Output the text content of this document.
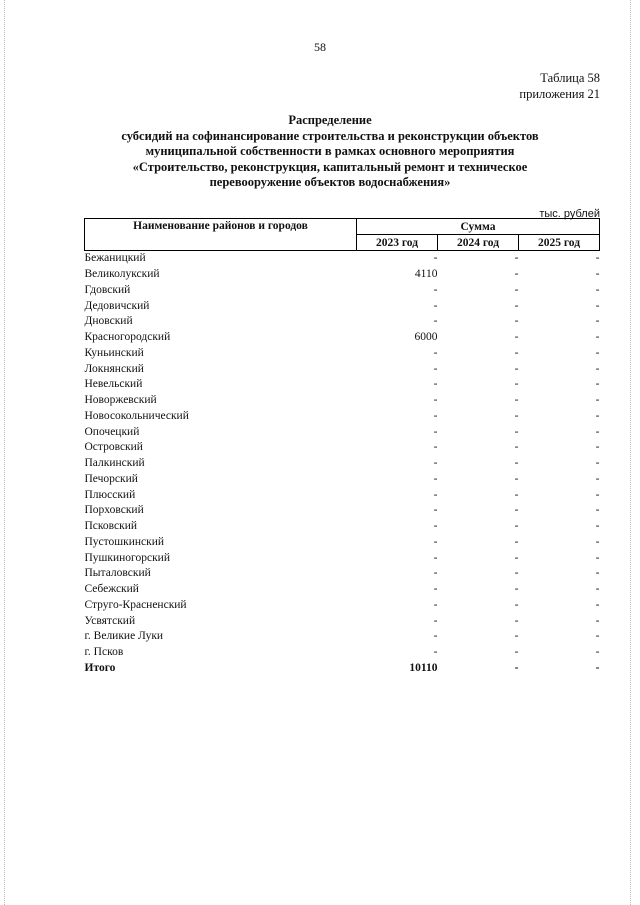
58
Таблица 58
приложения 21
Распределение
субсидий на софинансирование строительства и реконструкции объектов
муниципальной собственности в рамках основного мероприятия
«Строительство, реконструкция, капитальный ремонт и техническое
перевооружение объектов водоснабжения»
тыс. рублей
Наименование районов и городов	Сумма		
	2023 год	2024 год	2025 год
Бежаницкий	-	-	-
Великолукский	4110	-	-
Гдовский	-	-	-
Дедовичский	-	-	-
Дновский	-	-	-
Красногородский	6000	-	-
Куньинский	-	-	-
Локнянский	-	-	-
Невельский	-	-	-
Новоржевский	-	-	-
Новосокольнический	-	-	-
Опочецкий	-	-	-
Островский	-	-	-
Палкинский	-	-	-
Печорский	-	-	-
Плюсский	-	-	-
Порховский	-	-	-
Псковский	-	-	-
Пустошкинский	-	-	-
Пушкиногорский	-	-	-
Пыталовский	-	-	-
Себежский	-	-	-
Струго-Красненский	-	-	-
Усвятский	-	-	-
г. Великие Луки	-	-	-
г. Псков	-	-	-
Итого	10110	-	-
